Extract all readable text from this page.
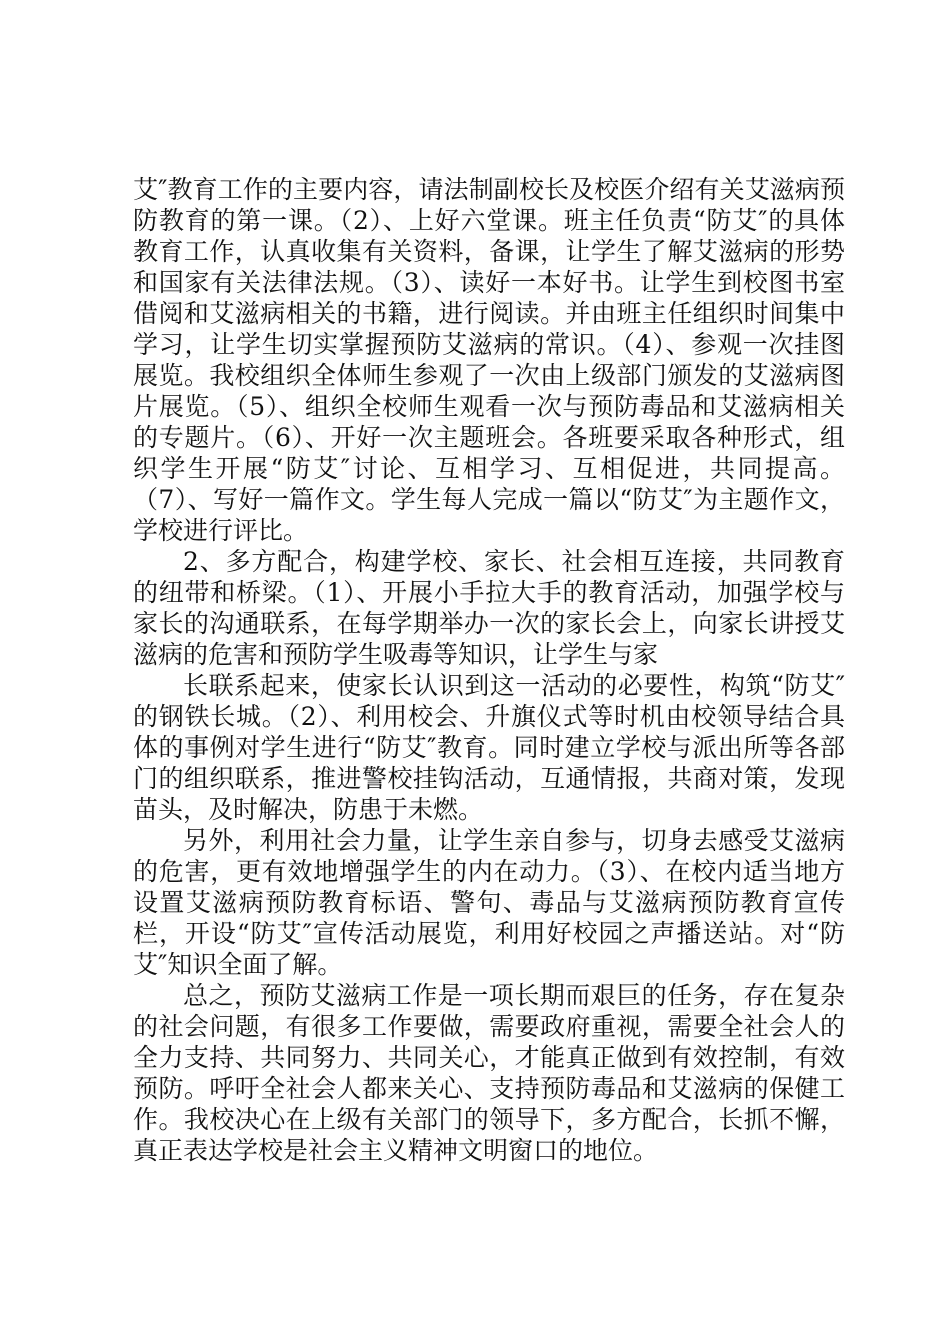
艾″教育工作的主要内容，请法制副校长及校医介绍有关艾滋病预防教育的第一课。（2）、上好六堂课。班主任负责“防艾″的具体教育工作，认真收集有关资料，备课，让学生了解艾滋病的形势和国家有关法律法规。（3）、读好一本好书。让学生到校图书室借阅和艾滋病相关的书籍，进行阅读。并由班主任组织时间集中学习，让学生切实掌握预防艾滋病的常识。（4）、参观一次挂图展览。我校组织全体师生参观了一次由上级部门颁发的艾滋病图片展览。（5）、组织全校师生观看一次与预防毒品和艾滋病相关的专题片。（6）、开好一次主题班会。各班要采取各种形式，组织学生开展“防艾″讨论、互相学习、互相促进，共同提高。（7）、写好一篇作文。学生每人完成一篇以“防艾″为主题作文，学校进行评比。

2、多方配合，构建学校、家长、社会相互连接，共同教育的纽带和桥梁。（1）、开展小手拉大手的教育活动，加强学校与家长的沟通联系，在每学期举办一次的家长会上，向家长讲授艾滋病的危害和预防学生吸毒等知识，让学生与家

长联系起来，使家长认识到这一活动的必要性，构筑“防艾″的钢铁长城。（2）、利用校会、升旗仪式等时机由校领导结合具体的事例对学生进行“防艾″教育。同时建立学校与派出所等各部门的组织联系，推进警校挂钩活动，互通情报，共商对策，发现苗头，及时解决，防患于未燃。

另外，利用社会力量，让学生亲自参与，切身去感受艾滋病的危害，更有效地增强学生的内在动力。（3）、在校内适当地方设置艾滋病预防教育标语、警句、毒品与艾滋病预防教育宣传栏，开设“防艾″宣传活动展览，利用好校园之声播送站。对“防艾″知识全面了解。

总之，预防艾滋病工作是一项长期而艰巨的任务，存在复杂的社会问题，有很多工作要做，需要政府重视，需要全社会人的全力支持、共同努力、共同关心，才能真正做到有效控制，有效预防。呼吁全社会人都来关心、支持预防毒品和艾滋病的保健工作。我校决心在上级有关部门的领导下，多方配合，长抓不懈，真正表达学校是社会主义精神文明窗口的地位。
